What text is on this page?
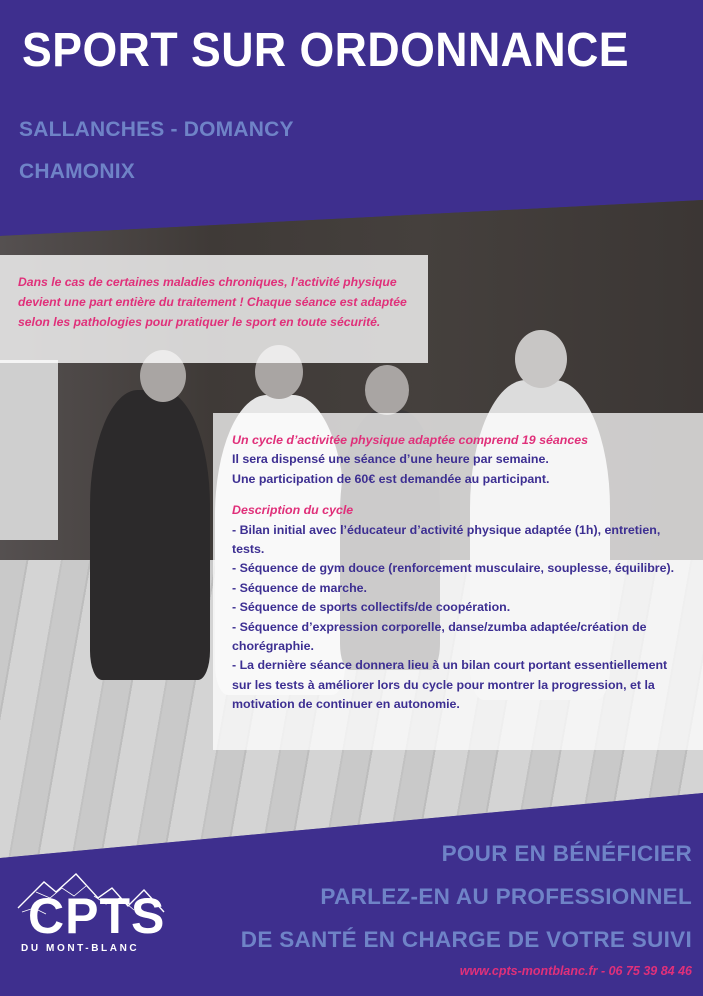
SPORT SUR ORDONNANCE
SALLANCHES - DOMANCY
CHAMONIX

Dans le cas de certaines maladies chroniques, l’activité physique devient une part entière du traitement ! Chaque séance est adaptée selon les pathologies pour pratiquer le sport en toute sécurité.

Un cycle d’activitée physique adaptée comprend 19 séances
Il sera dispensé une séance d’une heure par semaine.
Une participation de 60€ est demandée au participant.
Description du cycle
- Bilan initial avec l’éducateur d’activité physique adaptée (1h), entretien, tests.
- Séquence de gym douce (renforcement musculaire, souplesse, équilibre).
- Séquence de marche.
- Séquence de sports collectifs/de coopération.
- Séquence d’expression corporelle, danse/zumba adaptée/création de chorégraphie.
- La dernière séance donnera lieu à un bilan court portant essentiellement sur les tests à améliorer lors du cycle pour montrer la progression, et la motivation de continuer en autonomie.
CPTS
DU MONT-BLANC
POUR EN BÉNÉFICIER
PARLEZ-EN AU PROFESSIONNEL
DE SANTÉ EN CHARGE DE VOTRE SUIVI
www.cpts-montblanc.fr - 06 75 39 84 46
